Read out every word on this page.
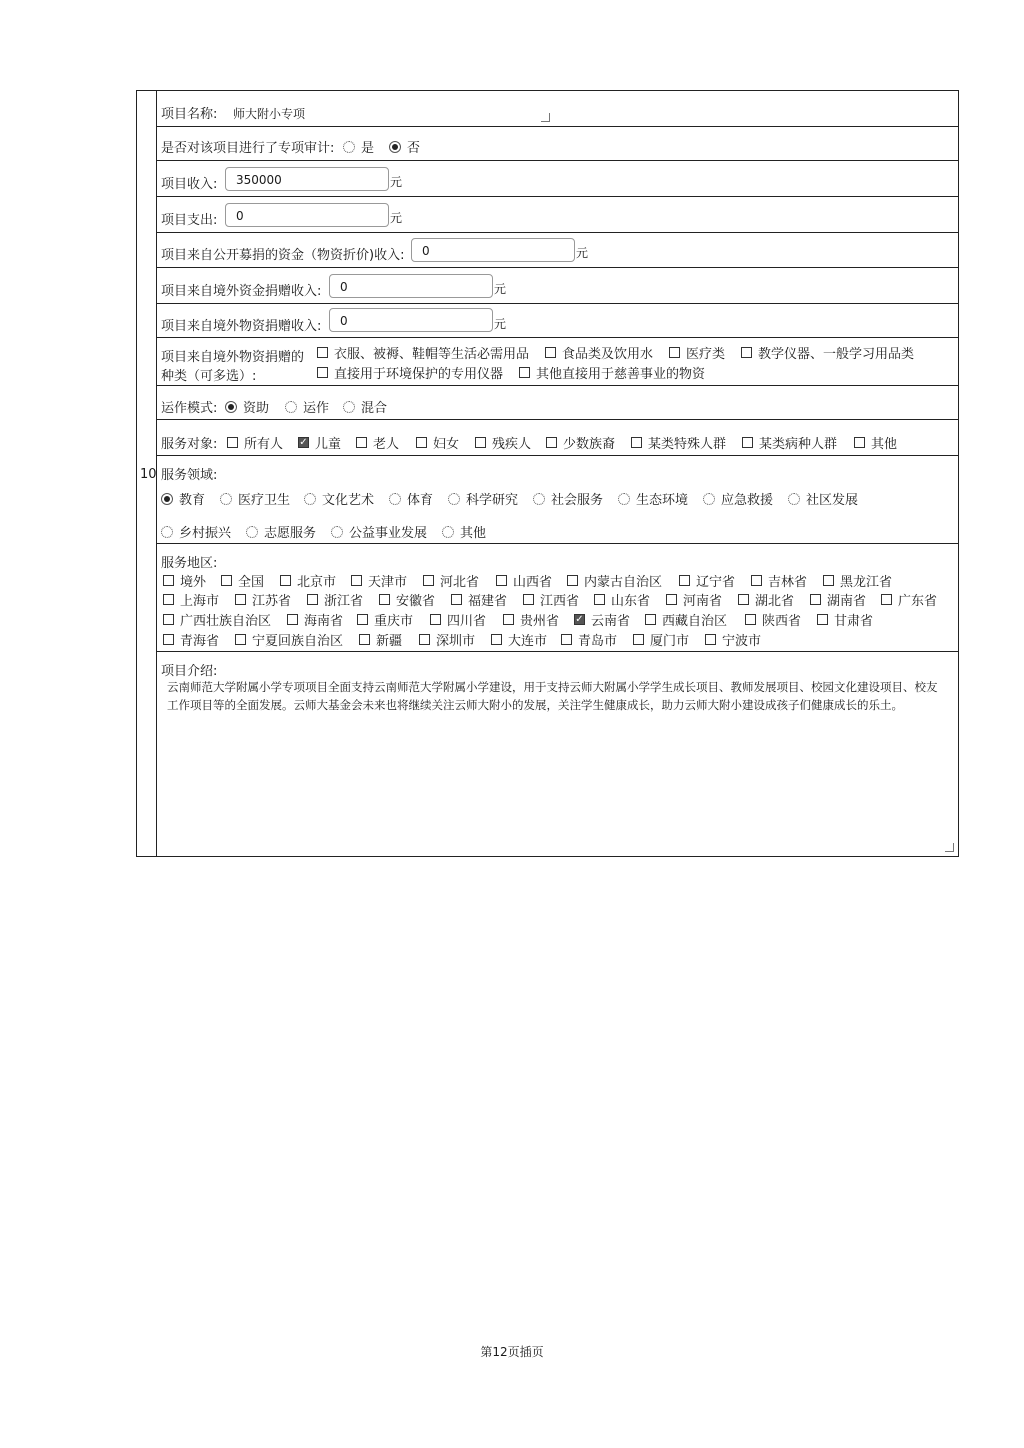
10
项目名称: 师大附小专项
是否对该项目进行了专项审计: 是	否
项目收入:	350000	元
项目支出:	0	元
项目来自公开募捐的资金（物资折价)收入:	0	元
项目来自境外资金捐赠收入:	0	元
项目来自境外物资捐赠收入:	0	元
项目来自境外物资捐赠的
种类（可多选）:
衣服、被褥、鞋帽等生活必需用品	食品类及饮用水	医疗类	教学仪器、一般学习用品类
直接用于环境保护的专用仪器	其他直接用于慈善事业的物资
运作模式: 资助	运作 混合
服务对象: 所有人 ✓ 儿童 老人	妇女	残疾人 少数族裔	某类特殊人群	某类病种人群	其他
服务领域:
教育	医疗卫生 文化艺术	体育	科学研究	社会服务	生态环境	应急救援	社区发展
乡村振兴	志愿服务	公益事业发展	其他
服务地区:
境外 全国	北京市 天津市	河北省	山西省 内蒙古自治区	辽宁省	吉林省	黑龙江省
上海市	江苏省	浙江省	安徽省	福建省	江西省 山东省	河南省	湖北省	湖南省 广东省
广西壮族自治区	海南省 重庆市	四川省	贵州省 ✓ 云南省 西藏自治区	陕西省	甘肃省
青海省	宁夏回族自治区	新疆	深圳市	大连市 青岛市	厦门市	宁波市
项目介绍:
云南师范大学附属小学专项项目全面支持云南师范大学附属小学建设，用于支持云师大附属小学学生成长项目、教师发展项目、校园文化建设项目、校友工作项目等的全面发展。云师大基金会未来也将继续关注云师大附小的发展，关注学生健康成长，助力云师大附小建设成孩子们健康成长的乐土。
第12页插页
